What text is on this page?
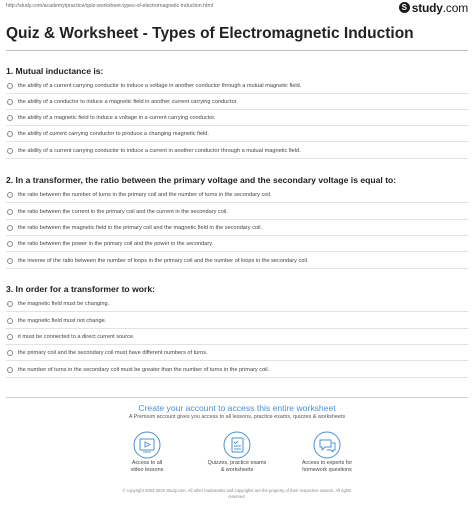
http://study.com/academy/practice/quiz-worksheet-types-of-electromagnetic-induction.html	S study.com
Quiz & Worksheet - Types of Electromagnetic Induction
1. Mutual inductance is:
the ability of a current carrying conductor to induce a voltage in another conductor through a mutual magnetic field.
the ability of a conductor to induce a magnetic field in another current carrying conductor.
the ability of a magnetic field to induce a voltage in a current carrying conductor.
the ability of current carrying conductor to produce a changing magnetic field.
the ability of a current carrying conductor to induce a current in another conductor through a mutual magnetic field.
2. In a transformer, the ratio between the primary voltage and the secondary voltage is equal to:
the ratio between the number of turns in the primary coil and the number of turns in the secondary coil.
the ratio between the current in the primary coil and the current in the secondary coil.
the ratio between the magnetic field in the primary coil and the magnetic field in the secondary coil.
the ratio between the power in the primary coil and the power in the secondary.
the inverse of the ratio between the number of loops in the primary coil and the number of loops in the secondary coil.
3. In order for a transformer to work:
the magnetic field must be changing.
the magnetic field must not change.
it must be connected to a direct current source.
the primary coil and the secondary coil must have different numbers of turns.
the number of turns in the secondary coil must be greater than the number of turns in the primary coil.
Create your account to access this entire worksheet
A Premium account gives you access to all lessons, practice exams, quizzes & worksheets
Access to all
video lessons
Quizzes, practice exams
& worksheets
Access to experts for
homework questions
© copyright 2003-2020 Study.com. All other trademarks and copyrights are the property of their respective owners. All rights
reserved.
